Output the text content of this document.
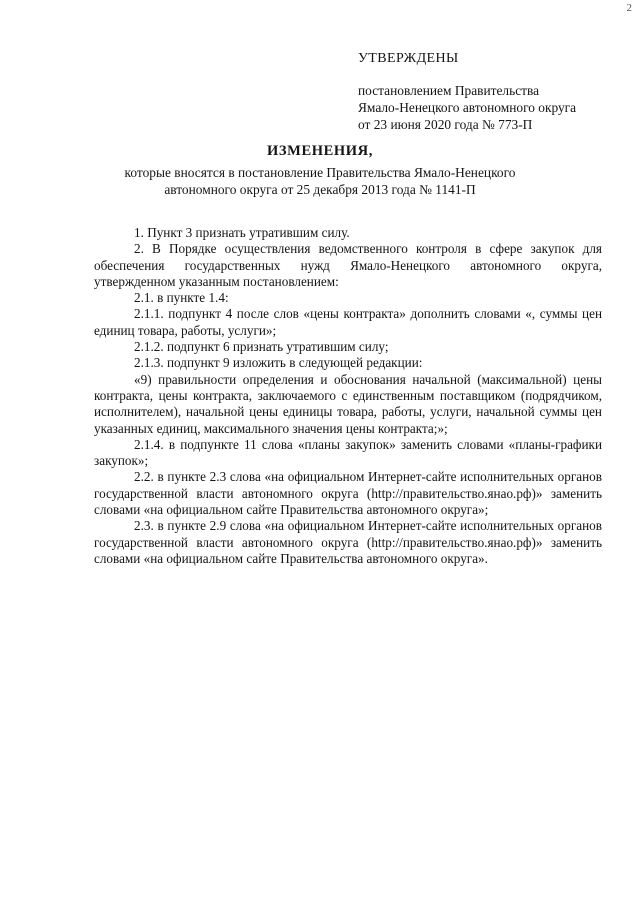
2
УТВЕРЖДЕНЫ
постановлением Правительства
Ямало-Ненецкого автономного округа
от 23 июня 2020 года № 773-П
ИЗМЕНЕНИЯ,
которые вносятся в постановление Правительства Ямало-Ненецкого
автономного округа от 25 декабря 2013 года № 1141-П

1. Пункт 3 признать утратившим силу.

2. В Порядке осуществления ведомственного контроля в сфере закупок для обеспечения государственных нужд Ямало-Ненецкого автономного округа, утвержденном указанным постановлением:

2.1. в пункте 1.4:

2.1.1. подпункт 4 после слов «цены контракта» дополнить словами «, суммы цен единиц товара, работы, услуги»;

2.1.2. подпункт 6 признать утратившим силу;

2.1.3. подпункт 9 изложить в следующей редакции:

«9) правильности определения и обоснования начальной (максимальной) цены контракта, цены контракта, заключаемого с единственным поставщиком (подрядчиком, исполнителем), начальной цены единицы товара, работы, услуги, начальной суммы цен указанных единиц, максимального значения цены контракта;»;

2.1.4. в подпункте 11 слова «планы закупок» заменить словами «планы-графики закупок»;

2.2. в пункте 2.3 слова «на официальном Интернет-сайте исполнительных органов государственной власти автономного округа (http://правительство.янао.рф)» заменить словами «на официальном сайте Правительства автономного округа»;

2.3. в пункте 2.9 слова «на официальном Интернет-сайте исполнительных органов государственной власти автономного округа (http://правительство.янао.рф)» заменить словами «на официальном сайте Правительства автономного округа».
